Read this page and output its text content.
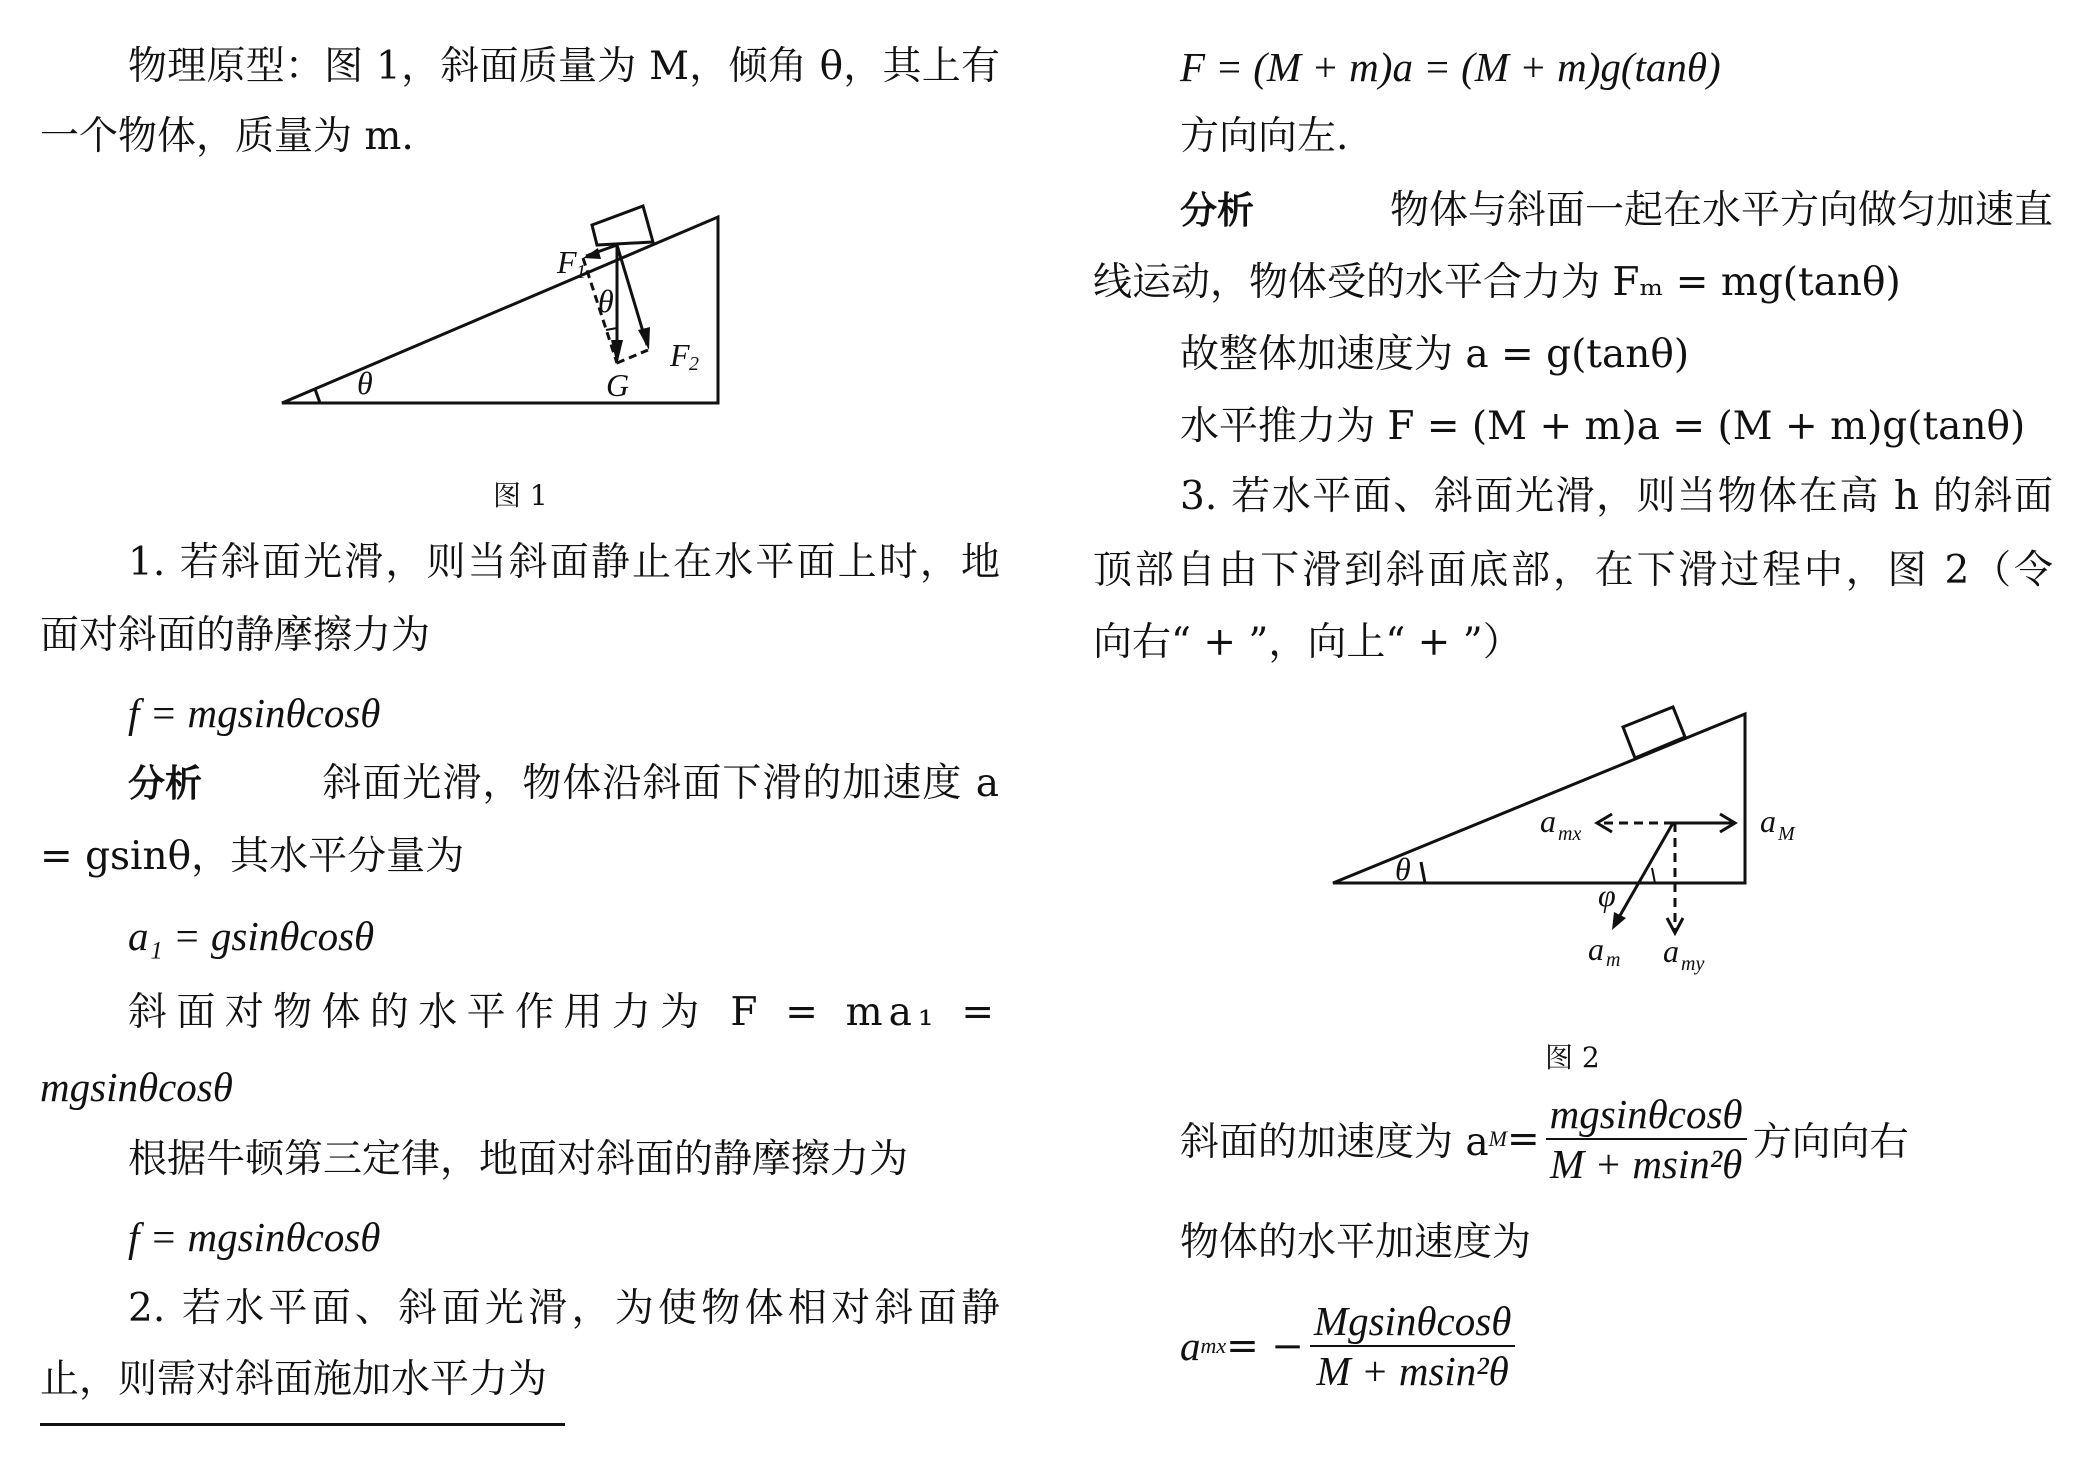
物理原型：图 1，斜面质量为 M，倾角 θ，其上有
一个物体，质量为 m.
F 1
θ
F 2
G
θ
a mx	a M
a m a my
φ
θ
图 1
1. 若斜面光滑，则当斜面静止在水平面上时，地
面对斜面的静摩擦力为
f = mgsinθcosθ
分析	斜面光滑，物体沿斜面下滑的加速度 a
= gsinθ，其水平分量为
a₁ = gsinθcosθ
斜面对物体的水平作用力为 F = ma₁ =
mgsinθcosθ
根据牛顿第三定律，地面对斜面的静摩擦力为
f = mgsinθcosθ
2. 若水平面、斜面光滑，为使物体相对斜面静
止，则需对斜面施加水平力为
F = (M + m)a = (M + m)g(tanθ)
方向向左.
分析	物体与斜面一起在水平方向做匀加速直
线运动，物体受的水平合力为 Fₘ = mg(tanθ)
故整体加速度为 a = g(tanθ)
水平推力为 F = (M + m)a = (M + m)g(tanθ)
3. 若水平面、斜面光滑，则当物体在高 h 的斜面
顶部自由下滑到斜面底部，在下滑过程中，图 2（令
向右“ + ”，向上“ + ”）
图 2
斜面的加速度为 a $M = \frac{mgsin\theta\cos\theta}{\text{M + msin²θ}}$ 方向向右
物体的水平加速度为
a mx = − $\frac{Mgsin\theta\cos\theta}{\text{M + msin²θ}}$
